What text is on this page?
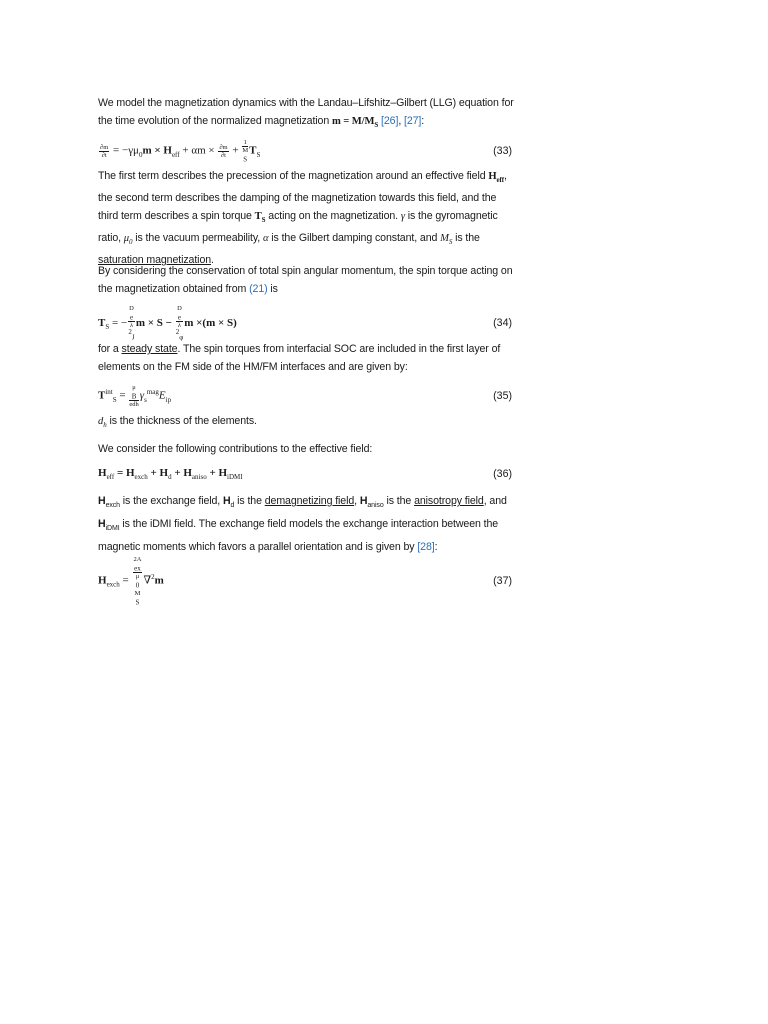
We model the magnetization dynamics with the Landau–Lifshitz–Gilbert (LLG) equation for the time evolution of the normalized magnetization $m = M/M_S$ [26], [27]:

$\frac{\partial m}{\partial t} = -\gamma\mu_0m \times H_{eff} + \alpha m \times \frac{\partial m}{\partial t} + 1$
M
$_S$ $T_S$	(33)

The first term describes the precession of the magnetization around an effective field $H_{eff}$, the second term describes the damping of the magnetization towards this field, and the third term describes a spin torque $T_S$ acting on the magnetization. γ is the gyromagnetic ratio, $\mu_0$ is the vacuum permeability, α is the Gilbert damping constant, and $M_S$ is the saturation magnetization.

By considering the conservation of total spin angular momentum, the spin torque acting on the magnetization obtained from (21) is

$T_S$ = − D
$_e$
λ
$^2_J$ m × S − D
$_e$
λ
$^2_\varphi$ m ×(m × S)	(34)

for a steady state. The spin torques from interfacial SOC are included in the first layer of elements on the FM side of the HM/FM interfaces and are given by:

$T^{int}_S = \mu$
$_B$
edh $\gamma_s^{mag}E_{ip}$	(35)

$d_h$ is the thickness of the elements.

We consider the following contributions to the effective field:

$H_{eff} = H_{exch} + H_d + H_{aniso} + H_{iDMI}$	(36)

$H_{exch}$ is the exchange field, $H_d$ is the demagnetizing field, $H_{aniso}$ is the anisotropy field, and $H_{iDMI}$ is the iDMI field. The exchange field models the exchange interaction between the magnetic moments which favors a parallel orientation and is given by [28]:

$H_{exch} = 2A$
$_{ex}$
μ
$_0$
M
$_S$ ∇$^2$m	(37)
